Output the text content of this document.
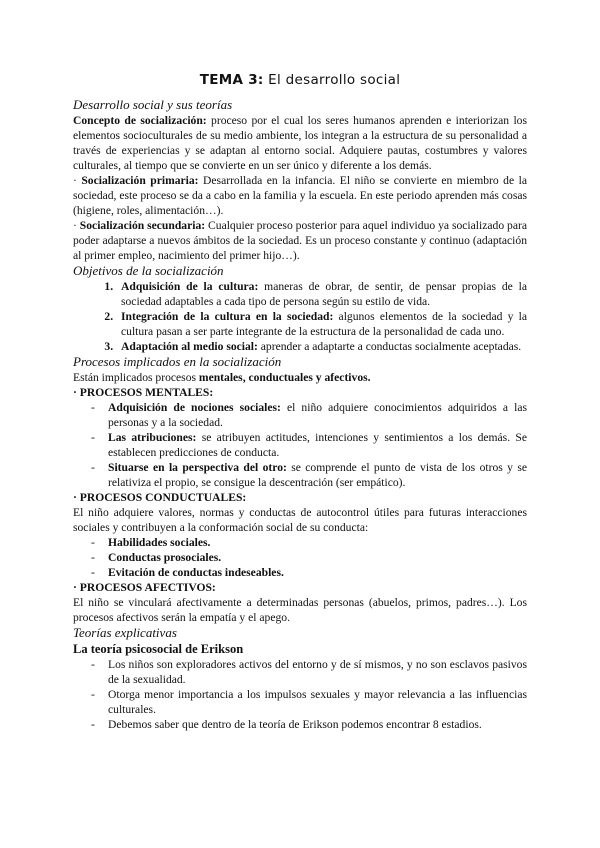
TEMA 3: El desarrollo social
Desarrollo social y sus teorías

Concepto de socialización: proceso por el cual los seres humanos aprenden e interiorizan los elementos socioculturales de su medio ambiente, los integran a la estructura de su personalidad a través de experiencias y se adaptan al entorno social. Adquiere pautas, costumbres y valores culturales, al tiempo que se convierte en un ser único y diferente a los demás.

· Socialización primaria: Desarrollada en la infancia. El niño se convierte en miembro de la sociedad, este proceso se da a cabo en la familia y la escuela. En este periodo aprenden más cosas (higiene, roles, alimentación…).

· Socialización secundaria: Cualquier proceso posterior para aquel individuo ya socializado para poder adaptarse a nuevos ámbitos de la sociedad. Es un proceso constante y continuo (adaptación al primer empleo, nacimiento del primer hijo…).

Objetivos de la socialización
1. Adquisición de la cultura: maneras de obrar, de sentir, de pensar propias de la sociedad adaptables a cada tipo de persona según su estilo de vida.
2. Integración de la cultura en la sociedad: algunos elementos de la sociedad y la cultura pasan a ser parte integrante de la estructura de la personalidad de cada uno.
3. Adaptación al medio social: aprender a adaptarte a conductas socialmente aceptadas.
Procesos implicados en la socialización

Están implicados procesos mentales, conductuales y afectivos.

· PROCESOS MENTALES:
- Adquisición de nociones sociales: el niño adquiere conocimientos adquiridos a las personas y a la sociedad.
- Las atribuciones: se atribuyen actitudes, intenciones y sentimientos a los demás. Se establecen predicciones de conducta.
- Situarse en la perspectiva del otro: se comprende el punto de vista de los otros y se relativiza el propio, se consigue la descentración (ser empático).
· PROCESOS CONDUCTUALES:

El niño adquiere valores, normas y conductas de autocontrol útiles para futuras interacciones sociales y contribuyen a la conformación social de su conducta:

- Habilidades sociales.
- Conductas prosociales.
- Evitación de conductas indeseables.
· PROCESOS AFECTIVOS:

El niño se vinculará afectivamente a determinadas personas (abuelos, primos, padres…). Los procesos afectivos serán la empatía y el apego.

Teorías explicativas
La teoría psicosocial de Erikson
- Los niños son exploradores activos del entorno y de sí mismos, y no son esclavos pasivos de la sexualidad.
- Otorga menor importancia a los impulsos sexuales y mayor relevancia a las influencias culturales.
- Debemos saber que dentro de la teoría de Erikson podemos encontrar 8 estadios.
